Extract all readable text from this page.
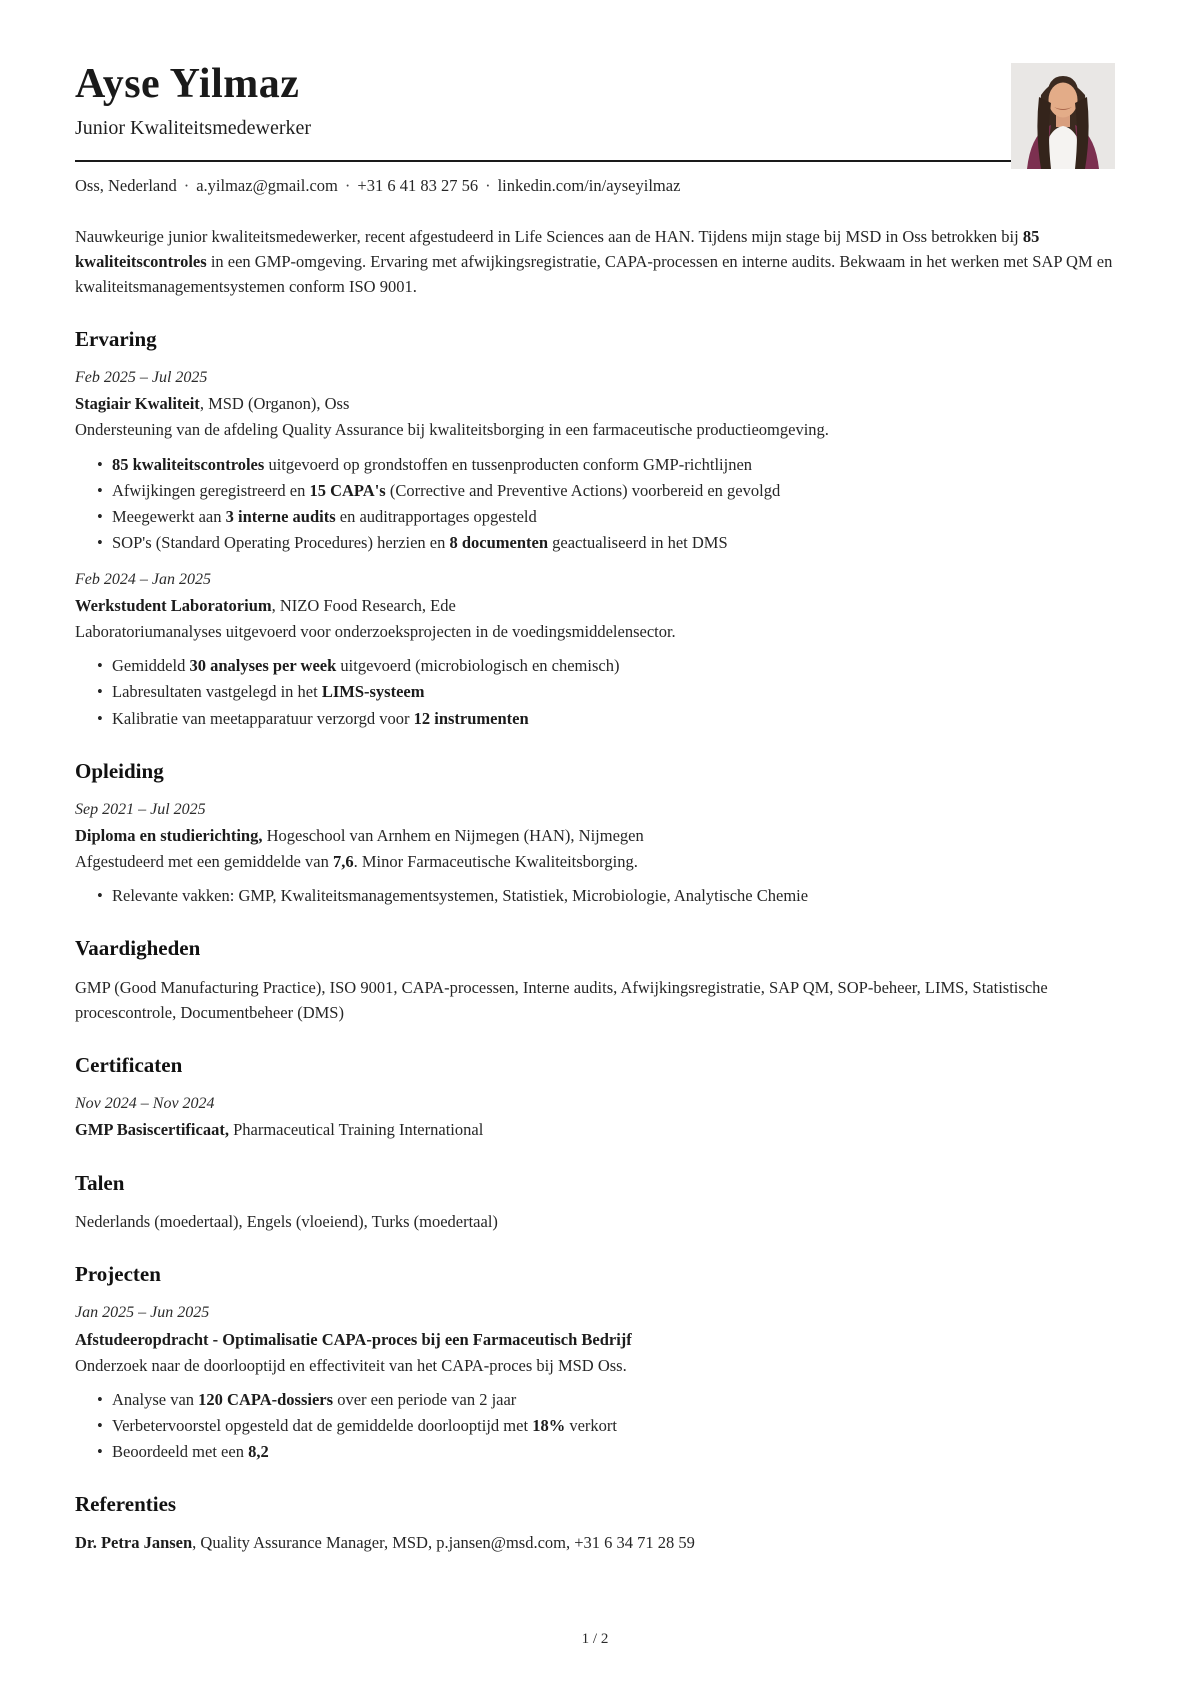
Ayse Yilmaz
Junior Kwaliteitsmedewerker
Oss, Nederland · a.yilmaz@gmail.com · +31 6 41 83 27 56 · linkedin.com/in/ayseyilmaz

Nauwkeurige junior kwaliteitsmedewerker, recent afgestudeerd in Life Sciences aan de HAN. Tijdens mijn stage bij MSD in Oss betrokken bij 85 kwaliteitscontroles in een GMP-omgeving. Ervaring met afwijkingsregistratie, CAPA-processen en interne audits. Bekwaam in het werken met SAP QM en kwaliteitsmanagementsystemen conform ISO 9001.

Ervaring
Feb 2025 – Jul 2025
Stagiair Kwaliteit, MSD (Organon), Oss
Ondersteuning van de afdeling Quality Assurance bij kwaliteitsborging in een farmaceutische productieomgeving.
• 85 kwaliteitscontroles uitgevoerd op grondstoffen en tussenproducten conform GMP-richtlijnen
• Afwijkingen geregistreerd en 15 CAPA's (Corrective and Preventive Actions) voorbereid en gevolgd
• Meegewerkt aan 3 interne audits en auditrapportages opgesteld
• SOP's (Standard Operating Procedures) herzien en 8 documenten geactualiseerd in het DMS
Feb 2024 – Jan 2025
Werkstudent Laboratorium, NIZO Food Research, Ede
Laboratoriumanalyses uitgevoerd voor onderzoeksprojecten in de voedingsmiddelensector.
• Gemiddeld 30 analyses per week uitgevoerd (microbiologisch en chemisch)
• Labresultaten vastgelegd in het LIMS-systeem
• Kalibratie van meetapparatuur verzorgd voor 12 instrumenten
Opleiding
Sep 2021 – Jul 2025
Diploma en studierichting, Hogeschool van Arnhem en Nijmegen (HAN), Nijmegen
Afgestudeerd met een gemiddelde van 7,6. Minor Farmaceutische Kwaliteitsborging.
• Relevante vakken: GMP, Kwaliteitsmanagementsystemen, Statistiek, Microbiologie, Analytische Chemie
Vaardigheden

GMP (Good Manufacturing Practice), ISO 9001, CAPA-processen, Interne audits, Afwijkingsregistratie, SAP QM, SOP-beheer, LIMS, Statistische procescontrole, Documentbeheer (DMS)

Certificaten
Nov 2024 – Nov 2024
GMP Basiscertificaat, Pharmaceutical Training International
Talen

Nederlands (moedertaal), Engels (vloeiend), Turks (moedertaal)

Projecten
Jan 2025 – Jun 2025
Afstudeeropdracht - Optimalisatie CAPA-proces bij een Farmaceutisch Bedrijf
Onderzoek naar de doorlooptijd en effectiviteit van het CAPA-proces bij MSD Oss.
• Analyse van 120 CAPA-dossiers over een periode van 2 jaar
• Verbetervoorstel opgesteld dat de gemiddelde doorlooptijd met 18% verkort
• Beoordeeld met een 8,2
Referenties

Dr. Petra Jansen, Quality Assurance Manager, MSD, p.jansen@msd.com, +31 6 34 71 28 59

1 / 2
